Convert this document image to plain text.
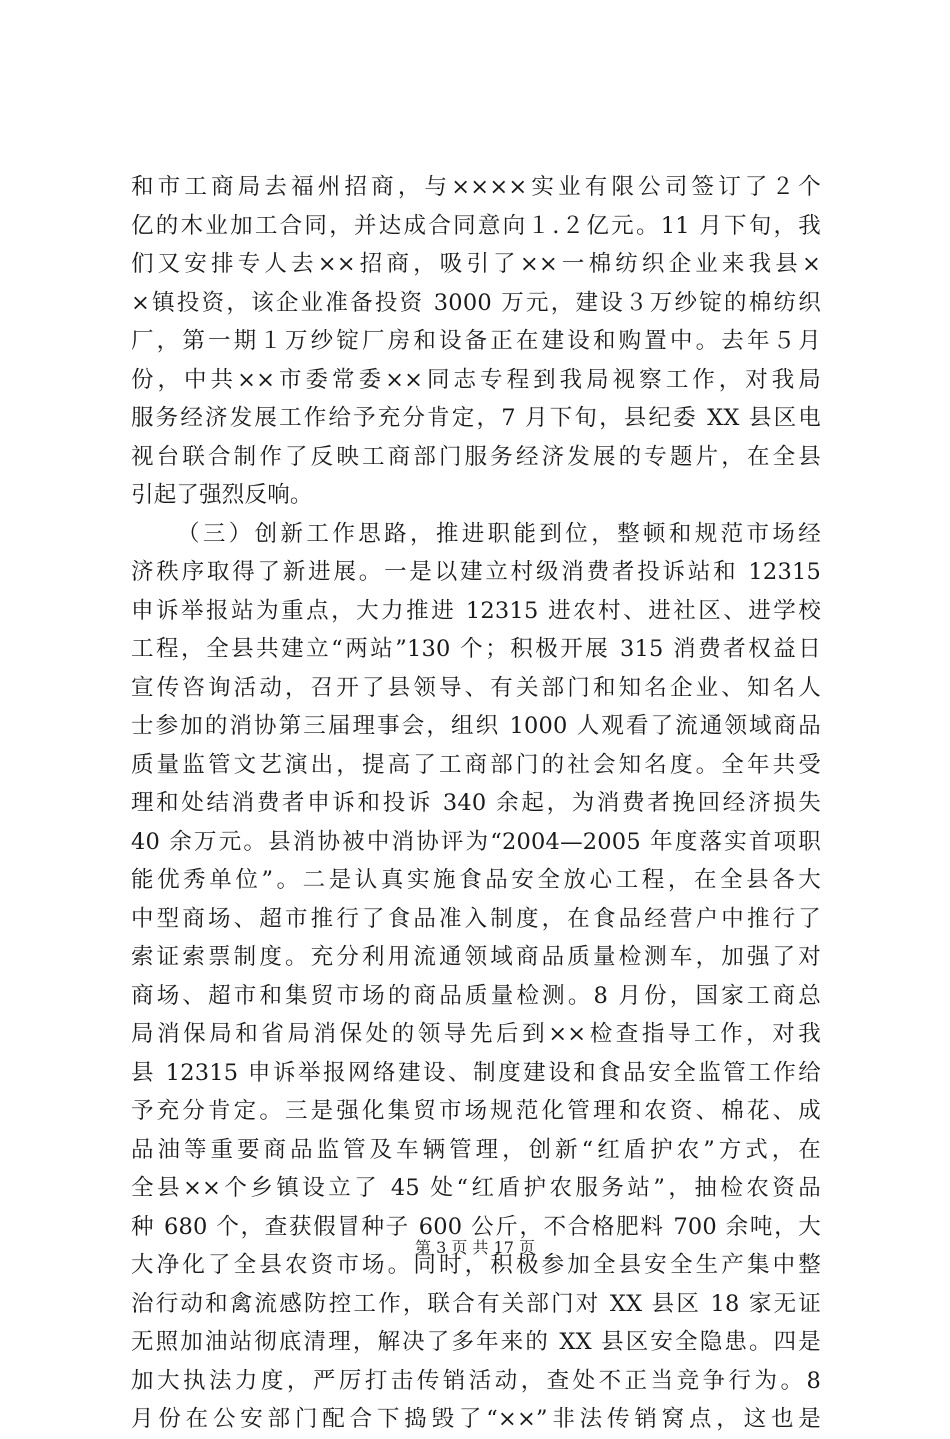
和市工商局去福州招商，与××××实业有限公司签订了２个
亿的木业加工合同，并达成合同意向１.２亿元。11 月下旬，我
们又安排专人去××招商，吸引了××一棉纺织企业来我县×
×镇投资，该企业准备投资 3000 万元，建设３万纱锭的棉纺织
厂，第一期１万纱锭厂房和设备正在建设和购置中。去年５月
份，中共××市委常委××同志专程到我局视察工作，对我局
服务经济发展工作给予充分肯定，7 月下旬，县纪委 XX 县区电
视台联合制作了反映工商部门服务经济发展的专题片，在全县
引起了强烈反响。
（三）创新工作思路，推进职能到位，整顿和规范市场经
济秩序取得了新进展。一是以建立村级消费者投诉站和 12315
申诉举报站为重点，大力推进 12315 进农村、进社区、进学校
工程，全县共建立“两站”130 个；积极开展 315 消费者权益日
宣传咨询活动，召开了县领导、有关部门和知名企业、知名人
士参加的消协第三届理事会，组织 1000 人观看了流通领域商品
质量监管文艺演出，提高了工商部门的社会知名度。全年共受
理和处结消费者申诉和投诉 340 余起，为消费者挽回经济损失
40 余万元。县消协被中消协评为“2004—2005 年度落实首项职
能优秀单位”。二是认真实施食品安全放心工程，在全县各大
中型商场、超市推行了食品准入制度，在食品经营户中推行了
索证索票制度。充分利用流通领域商品质量检测车，加强了对
商场、超市和集贸市场的商品质量检测。8 月份，国家工商总
局消保局和省局消保处的领导先后到××检查指导工作，对我
县 12315 申诉举报网络建设、制度建设和食品安全监管工作给
予充分肯定。三是强化集贸市场规范化管理和农资、棉花、成
品油等重要商品监管及车辆管理，创新“红盾护农”方式，在
全县××个乡镇设立了 45 处“红盾护农服务站”，抽检农资品
种 680 个，查获假冒种子 600 公斤，不合格肥料 700 余吨，大
大净化了全县农资市场。同时，积极参加全县安全生产集中整
治行动和禽流感防控工作，联合有关部门对 XX 县区 18 家无证
无照加油站彻底清理，解决了多年来的 XX 县区安全隐患。四是
加大执法力度，严厉打击传销活动，查处不正当竞争行为。8
月份在公安部门配合下捣毁了“××”非法传销窝点，这也是
第 3 页 共 17 页
